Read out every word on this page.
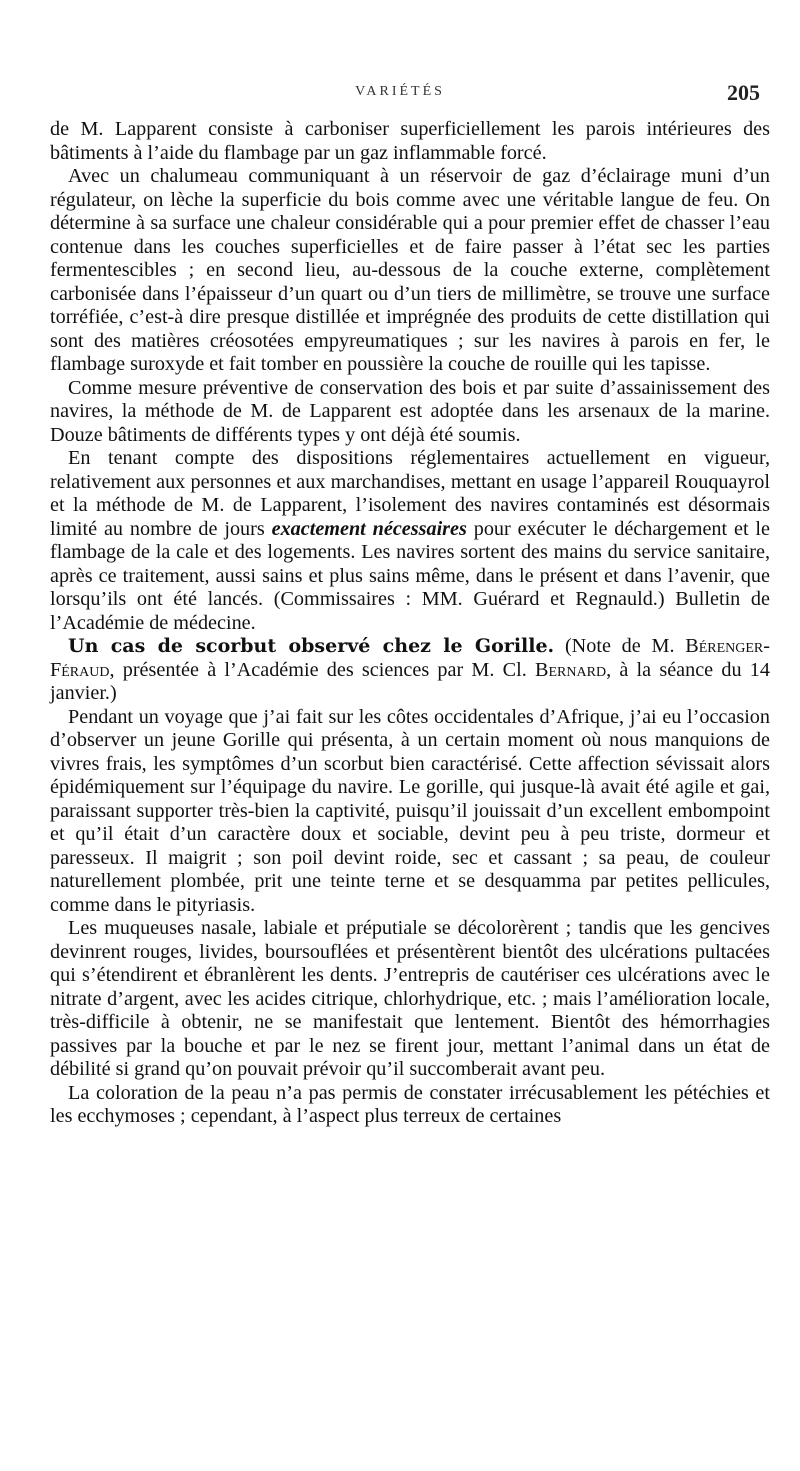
VARIÉTÉS	205

de M. Lapparent consiste à carboniser superficiellement les parois intérieures des bâtiments à l’aide du flambage par un gaz inflammable forcé.

Avec un chalumeau communiquant à un réservoir de gaz d’éclairage muni d’un régulateur, on lèche la superficie du bois comme avec une véritable langue de feu. On détermine à sa surface une chaleur considérable qui a pour premier effet de chasser l’eau contenue dans les couches superficielles et de faire passer à l’état sec les parties fermentescibles ; en second lieu, au-dessous de la couche externe, complètement carbonisée dans l’épaisseur d’un quart ou d’un tiers de millimètre, se trouve une surface torréfiée, c’est-à dire presque distillée et imprégnée des produits de cette distillation qui sont des matières créosotées empyreumatiques ; sur les navires à parois en fer, le flambage suroxyde et fait tomber en poussière la couche de rouille qui les tapisse.

Comme mesure préventive de conservation des bois et par suite d’assainissement des navires, la méthode de M. de Lapparent est adoptée dans les arsenaux de la marine. Douze bâtiments de différents types y ont déjà été soumis.

En tenant compte des dispositions réglementaires actuellement en vigueur, relativement aux personnes et aux marchandises, mettant en usage l’appareil Rouquayrol et la méthode de M. de Lapparent, l’isolement des navires contaminés est désormais limité au nombre de jours exactement nécessaires pour exécuter le déchargement et le flambage de la cale et des logements. Les navires sortent des mains du service sanitaire, après ce traitement, aussi sains et plus sains même, dans le présent et dans l’avenir, que lorsqu’ils ont été lancés. (Commissaires : MM. Guérard et Regnauld.) Bulletin de l’Académie de médecine.

Un cas de scorbut observé chez le Gorille. (Note de M. Bérenger-Féraud, présentée à l’Académie des sciences par M. Cl. Bernard, à la séance du 14 janvier.)

Pendant un voyage que j’ai fait sur les côtes occidentales d’Afrique, j’ai eu l’occasion d’observer un jeune Gorille qui présenta, à un certain moment où nous manquions de vivres frais, les symptômes d’un scorbut bien caractérisé. Cette affection sévissait alors épidémiquement sur l’équipage du navire. Le gorille, qui jusque-là avait été agile et gai, paraissant supporter très-bien la captivité, puisqu’il jouissait d’un excellent embompoint et qu’il était d’un caractère doux et sociable, devint peu à peu triste, dormeur et paresseux. Il maigrit ; son poil devint roide, sec et cassant ; sa peau, de couleur naturellement plombée, prit une teinte terne et se desquamma par petites pellicules, comme dans le pityriasis.

Les muqueuses nasale, labiale et préputiale se décolorèrent ; tandis que les gencives devinrent rouges, livides, boursouflées et présentèrent bientôt des ulcérations pultacées qui s’étendirent et ébranlèrent les dents. J’entrepris de cautériser ces ulcérations avec le nitrate d’argent, avec les acides citrique, chlorhydrique, etc. ; mais l’amélioration locale, très-difficile à obtenir, ne se manifestait que lentement. Bientôt des hémorrhagies passives par la bouche et par le nez se firent jour, mettant l’animal dans un état de débilité si grand qu’on pouvait prévoir qu’il succomberait avant peu.

La coloration de la peau n’a pas permis de constater irrécusablement les pétéchies et les ecchymoses ; cependant, à l’aspect plus terreux de certaines
